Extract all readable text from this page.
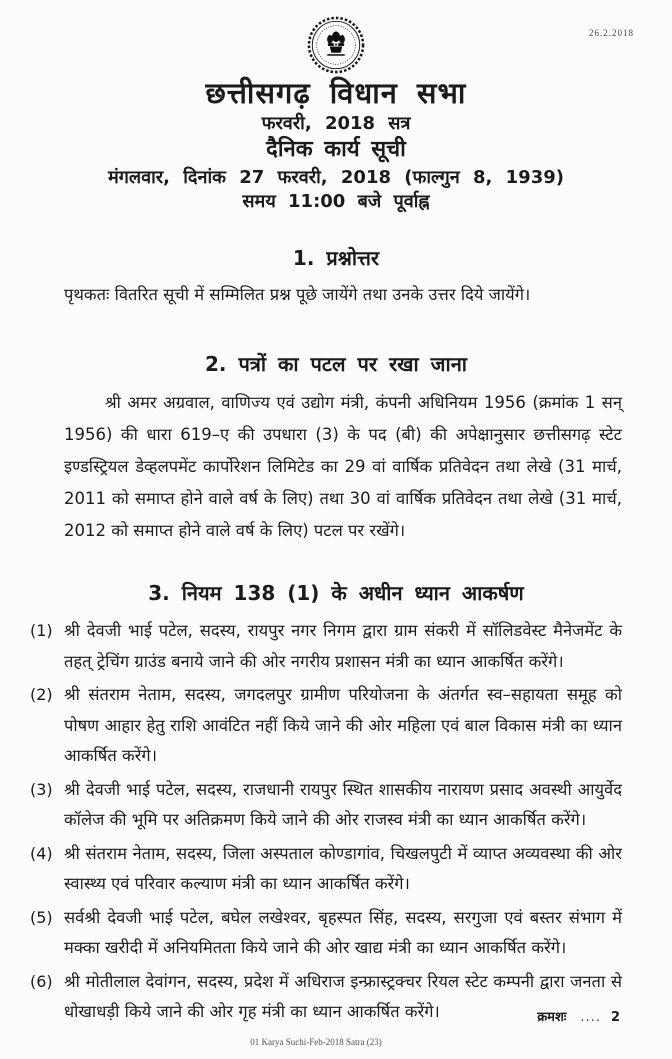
26.2.2018
छत्तीसगढ़ विधान सभा
फरवरी, 2018 सत्र
दैनिक कार्य सूची
मंगलवार, दिनांक 27 फरवरी, 2018 (फाल्गुन 8, 1939)
समय 11:00 बजे पूर्वाह्न
1. प्रश्नोत्तर
पृथकतः वितरित सूची में सम्मिलित प्रश्न पूछे जायेंगे तथा उनके उत्तर दिये जायेंगे।
2. पत्रों का पटल पर रखा जाना
श्री अमर अग्रवाल, वाणिज्य एवं उद्योग मंत्री, कंपनी अधिनियम 1956 (क्रमांक 1 सन् 1956) की धारा 619–ए की उपधारा (3) के पद (बी) की अपेक्षानुसार छत्तीसगढ़ स्टेट इण्डस्ट्रियल डेव्हलपमेंट कार्पोरेशन लिमिटेड का 29 वां वार्षिक प्रतिवेदन तथा लेखे (31 मार्च, 2011 को समाप्त होने वाले वर्ष के लिए) तथा 30 वां वार्षिक प्रतिवेदन तथा लेखे (31 मार्च, 2012 को समाप्त होने वाले वर्ष के लिए) पटल पर रखेंगे।
3. नियम 138 (1) के अधीन ध्यान आकर्षण
(1) श्री देवजी भाई पटेल, सदस्य, रायपुर नगर निगम द्वारा ग्राम संकरी में सॉलिडवेस्ट मैनेजमेंट के तहत् ट्रेचिंग ग्राउंड बनाये जाने की ओर नगरीय प्रशासन मंत्री का ध्यान आकर्षित करेंगे।
(2) श्री संतराम नेताम, सदस्य, जगदलपुर ग्रामीण परियोजना के अंतर्गत स्व–सहायता समूह को पोषण आहार हेतु राशि आवंटित नहीं किये जाने की ओर महिला एवं बाल विकास मंत्री का ध्यान आकर्षित करेंगे।
(3) श्री देवजी भाई पटेल, सदस्य, राजधानी रायपुर स्थित शासकीय नारायण प्रसाद अवस्थी आयुर्वेद कॉलेज की भूमि पर अतिक्रमण किये जाने की ओर राजस्व मंत्री का ध्यान आकर्षित करेंगे।
(4) श्री संतराम नेताम, सदस्य, जिला अस्पताल कोण्डागांव, चिखलपुटी में व्याप्त अव्यवस्था की ओर स्वास्थ्य एवं परिवार कल्याण मंत्री का ध्यान आकर्षित करेंगे।
(5) सर्वश्री देवजी भाई पटेल, बघेल लखेश्वर, बृहस्पत सिंह, सदस्य, सरगुजा एवं बस्तर संभाग में मक्का खरीदी में अनियमितता किये जाने की ओर खाद्य मंत्री का ध्यान आकर्षित करेंगे।
(6) श्री मोतीलाल देवांगन, सदस्य, प्रदेश में अधिराज इन्फ्रास्ट्रक्चर रियल स्टेट कम्पनी द्वारा जनता से धोखाधड़ी किये जाने की ओर गृह मंत्री का ध्यान आकर्षित करेंगे।	क्रमशः .... 2
01 Karya Suchi-Feb-2018 Satra (23)
